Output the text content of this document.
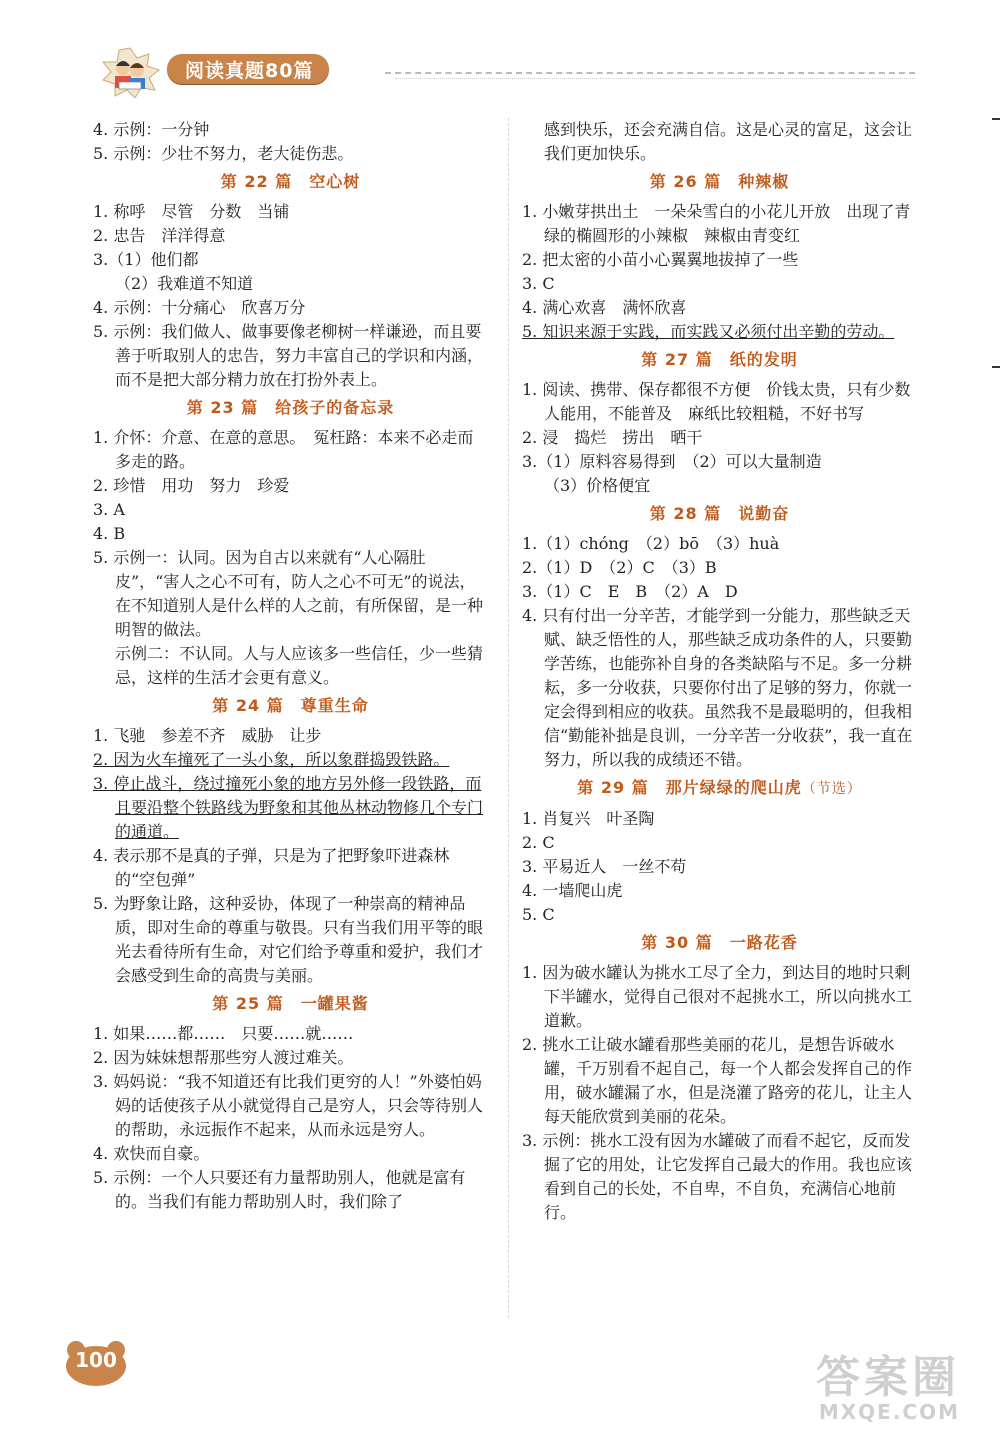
阅读真题80篇
4. 示例：一分钟
5. 示例：少壮不努力，老大徒伤悲。
第 22 篇　空心树
1. 称呼　尽管　分数　当铺
2. 忠告　洋洋得意
3.（1）他们都
（2）我难道不知道
4. 示例：十分痛心　欣喜万分
5. 示例：我们做人、做事要像老柳树一样谦逊，而且要善于听取别人的忠告，努力丰富自己的学识和内涵，而不是把大部分精力放在打扮外表上。
第 23 篇　给孩子的备忘录
1. 介怀：介意、在意的意思。　冤枉路：本来不必走而多走的路。
2. 珍惜　用功　努力　珍爱
3. A
4. B
5. 示例一：认同。因为自古以来就有“人心隔肚皮”，“害人之心不可有，防人之心不可无”的说法，在不知道别人是什么样的人之前，有所保留，是一种明智的做法。
示例二：不认同。人与人应该多一些信任，少一些猜忌，这样的生活才会更有意义。
第 24 篇　尊重生命
1. 飞驰　参差不齐　威胁　让步
2. 因为火车撞死了一头小象，所以象群捣毁铁路。
3. 停止战斗，绕过撞死小象的地方另外修一段铁路，而且要沿整个铁路线为野象和其他丛林动物修几个专门的通道。
4. 表示那不是真的子弹，只是为了把野象吓进森林的“空包弹”
5. 为野象让路，这种妥协，体现了一种崇高的精神品质，即对生命的尊重与敬畏。只有当我们用平等的眼光去看待所有生命，对它们给予尊重和爱护，我们才会感受到生命的高贵与美丽。
第 25 篇　一罐果酱
1. 如果……都……　只要……就……
2. 因为妹妹想帮那些穷人渡过难关。
3. 妈妈说：“我不知道还有比我们更穷的人！”外婆怕妈妈的话使孩子从小就觉得自己是穷人，只会等待别人的帮助，永远振作不起来，从而永远是穷人。
4. 欢快而自豪。
5. 示例：一个人只要还有力量帮助别人，他就是富有的。当我们有能力帮助别人时，我们除了
感到快乐，还会充满自信。这是心灵的富足，这会让我们更加快乐。
第 26 篇　种辣椒
1. 小嫩芽拱出土　一朵朵雪白的小花儿开放　出现了青绿的椭圆形的小辣椒　辣椒由青变红
2. 把太密的小苗小心翼翼地拔掉了一些
3. C
4. 满心欢喜　满怀欣喜
5. 知识来源于实践，而实践又必须付出辛勤的劳动。
第 27 篇　纸的发明
1. 阅读、携带、保存都很不方便　价钱太贵，只有少数人能用，不能普及　麻纸比较粗糙，不好书写
2. 浸　捣烂　捞出　晒干
3.（1）原料容易得到　（2）可以大量制造
（3）价格便宜
第 28 篇　说勤奋
1.（1）chóng　（2）bō　（3）huà
2.（1）D　（2）C　（3）B
3.（1）C　E　B　（2）A　D
4. 只有付出一分辛苦，才能学到一分能力，那些缺乏天赋、缺乏悟性的人，那些缺乏成功条件的人，只要勤学苦练，也能弥补自身的各类缺陷与不足。多一分耕耘，多一分收获，只要你付出了足够的努力，你就一定会得到相应的收获。虽然我不是最聪明的，但我相信“勤能补拙是良训，一分辛苦一分收获”，我一直在努力，所以我的成绩还不错。
第 29 篇　那片绿绿的爬山虎（节选）
1. 肖复兴　叶圣陶
2. C
3. 平易近人　一丝不苟
4. 一墙爬山虎
5. C
第 30 篇　一路花香
1. 因为破水罐认为挑水工尽了全力，到达目的地时只剩下半罐水，觉得自己很对不起挑水工，所以向挑水工道歉。
2. 挑水工让破水罐看那些美丽的花儿，是想告诉破水罐，千万别看不起自己，每一个人都会发挥自己的作用，破水罐漏了水，但是浇灌了路旁的花儿，让主人每天能欣赏到美丽的花朵。
3. 示例：挑水工没有因为水罐破了而看不起它，反而发掘了它的用处，让它发挥自己最大的作用。我也应该看到自己的长处，不自卑，不自负，充满信心地前行。
100	答案圈
MXQE.COM
